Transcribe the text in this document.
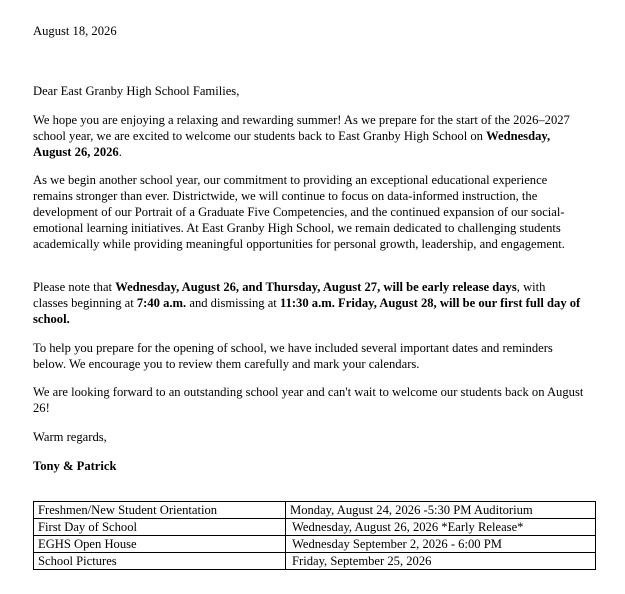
August 18, 2026

Dear East Granby High School Families,

We hope you are enjoying a relaxing and rewarding summer! As we prepare for the start of the 2026–2027 school year, we are excited to welcome our students back to East Granby High School on Wednesday, August 26, 2026.

As we begin another school year, our commitment to providing an exceptional educational experience remains stronger than ever. Districtwide, we will continue to focus on data-informed instruction, the development of our Portrait of a Graduate Five Competencies, and the continued expansion of our social-emotional learning initiatives. At East Granby High School, we remain dedicated to challenging students academically while providing meaningful opportunities for personal growth, leadership, and engagement.

Please note that Wednesday, August 26, and Thursday, August 27, will be early release days, with classes beginning at 7:40 a.m. and dismissing at 11:30 a.m. Friday, August 28, will be our first full day of school.

To help you prepare for the opening of school, we have included several important dates and reminders below. We encourage you to review them carefully and mark your calendars.

We are looking forward to an outstanding school year and can't wait to welcome our students back on August 26!

Warm regards,

Tony & Patrick

Freshmen/New Student Orientation	Monday, August 24, 2026 -5:30 PM Auditorium
First Day of School	Wednesday, August 26, 2026 *Early Release*
EGHS Open House	Wednesday September 2, 2026 - 6:00 PM
School Pictures	Friday, September 25, 2026
